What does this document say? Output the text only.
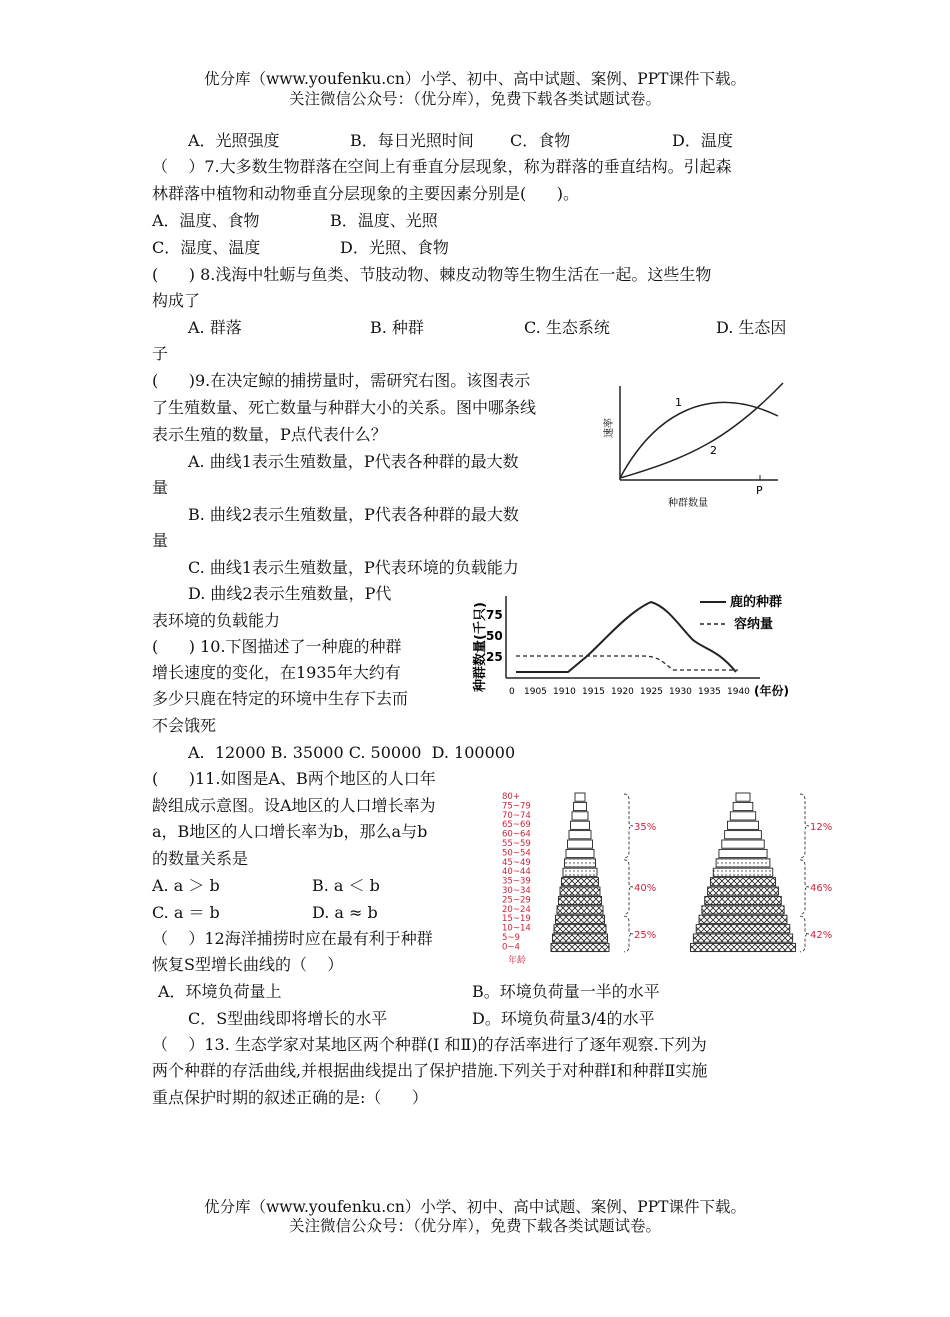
优分库（www.youfenku.cn）小学、初中、高中试题、案例、PPT课件下载。
关注微信公众号：（优分库），免费下载各类试题试卷。
A．光照强度	B．每日光照时间 C．食物	D．温度
（    ）7.大多数生物群落在空间上有垂直分层现象，称为群落的垂直结构。引起森
林群落中植物和动物垂直分层现象的主要因素分别是(      )。
A．温度、食物	B．温度、光照
C．湿度、温度	D．光照、食物
(      ) 8.浅海中牡蛎与鱼类、节肢动物、棘皮动物等生物生活在一起。这些生物
构成了
A. 群落	B. 种群	C. 生态系统	D. 生态因
子
(      )9.在决定鲸的捕捞量时，需研究右图。该图表示
了生殖数量、死亡数量与种群大小的关系。图中哪条线
表示生殖的数量，P点代表什么？
A. 曲线1表示生殖数量，P代表各种群的最大数
量
B. 曲线2表示生殖数量，P代表各种群的最大数
量
C. 曲线1表示生殖数量，P代表环境的负载能力
D. 曲线2表示生殖数量，P代
表环境的负载能力
(      ) 10.下图描述了一种鹿的种群
增长速度的变化，在1935年大约有
多少只鹿在特定的环境中生存下去而
不会饿死
A.  12000 B. 35000 C. 50000  D. 100000
(      )11.如图是A、B两个地区的人口年
龄组成示意图。设A地区的人口增长率为
a，B地区的人口增长率为b，那么a与b
的数量关系是
A. a ＞ b	B. a ＜ b
C. a ＝ b	D. a ≈ b
（    ）12海洋捕捞时应在最有利于种群
恢复S型增长曲线的（    ）
A．环境负荷量上	B。环境负荷量一半的水平
C．S型曲线即将增长的水平	D。环境负荷量3/4的水平
（    ）13. 生态学家对某地区两个种群(Ⅰ 和Ⅱ)的存活率进行了逐年观察.下列为
两个种群的存活曲线,并根据曲线提出了保护措施.下列关于对种群Ⅰ和种群Ⅱ实施
重点保护时期的叙述正确的是:（      ）
1
2
P
种群数量
速率
种群数量(千只)
25
50
75
0 1905 1910 1915 1920 1925 1930 1935 1940 (年份)
鹿的种群
容纳量
80+
75~79
70~74
65~69
60~64
55~59
50~54
45~49
40~44
35~39
30~34
25~29
20~24
15~19
10~14
5~9
0~4
年龄
35%	12%
40%	46%
25%	42%
优分库（www.youfenku.cn）小学、初中、高中试题、案例、PPT课件下载。
关注微信公众号：（优分库），免费下载各类试题试卷。
